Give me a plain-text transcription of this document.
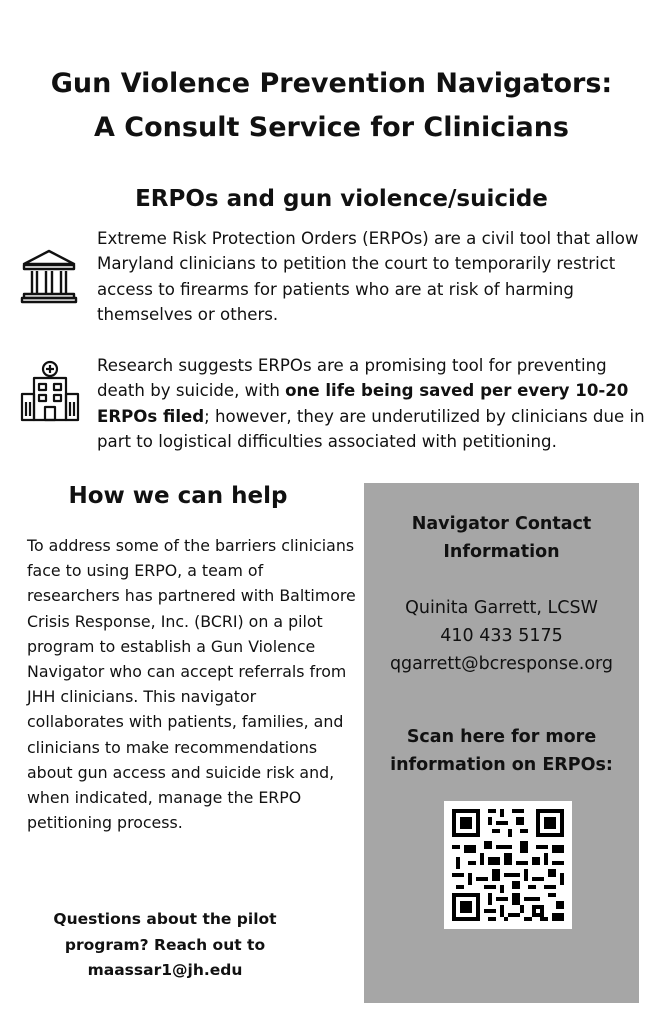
Gun Violence Prevention Navigators:
A Consult Service for Clinicians
ERPOs and gun violence/suicide

Extreme Risk Protection Orders (ERPOs) are a civil tool that allow Maryland clinicians to petition the court to temporarily restrict access to firearms for patients who are at risk of harming themselves or others.

Research suggests ERPOs are a promising tool for preventing death by suicide, with one life being saved per every 10-20 ERPOs filed; however, they are underutilized by clinicians due in part to logistical difficulties associated with petitioning.

How we can help

To address some of the barriers clinicians face to using ERPO, a team of researchers has partnered with Baltimore Crisis Response, Inc. (BCRI) on a pilot program to establish a Gun Violence Navigator who can accept referrals from JHH clinicians. This navigator collaborates with patients, families, and clinicians to make recommendations about gun access and suicide risk and, when indicated, manage the ERPO petitioning process.

Questions about the pilot program? Reach out to maassar1@jh.edu

Navigator Contact Information

Quinita Garrett, LCSW

410 433 5175

qgarrett@bcresponse.org

Scan here for more information on ERPOs:
